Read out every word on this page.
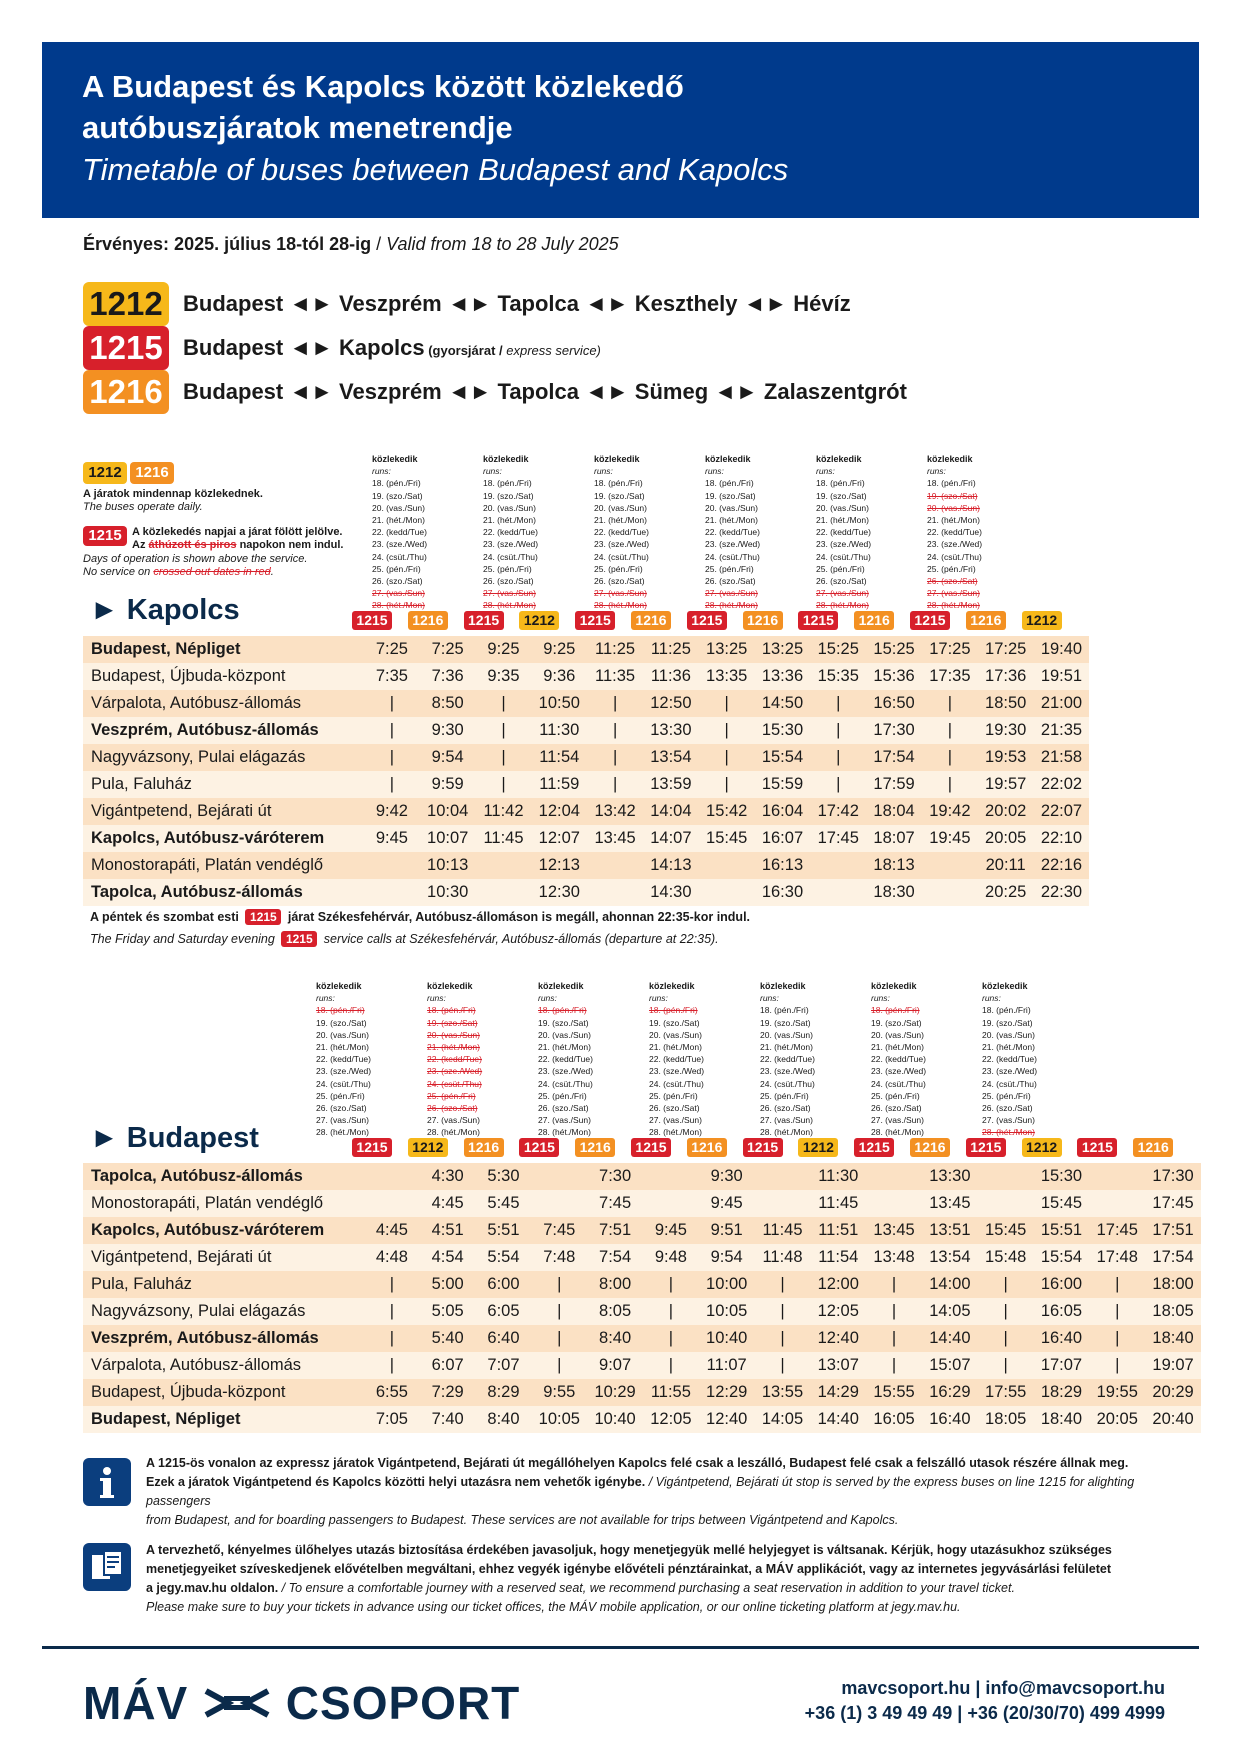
A Budapest és Kapolcs között közlekedő
autóbuszjáratok menetrendje
Timetable of buses between Budapest and Kapolcs
Érvényes: 2025. július 18-tól 28-ig / Valid from 18 to 28 July 2025
1212 Budapest ◄► Veszprém ◄► Tapolca ◄► Keszthely ◄► Hévíz
1215 Budapest ◄► Kapolcs (gyorsjárat / express service)
1216 Budapest ◄► Veszprém ◄► Tapolca ◄► Sümeg ◄► Zalaszentgrót
1212 1216
A járatok mindennap közlekednek.
The buses operate daily.
1215 A közlekedés napjai a járat fölött jelölve.
Az áthúzott és piros napokon nem indul.
Days of operation is shown above the service.
No service on crossed out dates in red.
közlekedik
runs:
18. (pén./Fri)
19. (szo./Sat)
20. (vas./Sun)
21. (hét./Mon)
22. (kedd/Tue)
23. (sze./Wed)
24. (csüt./Thu)
25. (pén./Fri)
26. (szo./Sat)
27. (vas./Sun)
28. (hét./Mon)
közlekedik
runs:
18. (pén./Fri)
19. (szo./Sat)
20. (vas./Sun)
21. (hét./Mon)
22. (kedd/Tue)
23. (sze./Wed)
24. (csüt./Thu)
25. (pén./Fri)
26. (szo./Sat)
27. (vas./Sun)
28. (hét./Mon)
közlekedik
runs:
18. (pén./Fri)
19. (szo./Sat)
20. (vas./Sun)
21. (hét./Mon)
22. (kedd/Tue)
23. (sze./Wed)
24. (csüt./Thu)
25. (pén./Fri)
26. (szo./Sat)
27. (vas./Sun)
28. (hét./Mon)
közlekedik
runs:
18. (pén./Fri)
19. (szo./Sat)
20. (vas./Sun)
21. (hét./Mon)
22. (kedd/Tue)
23. (sze./Wed)
24. (csüt./Thu)
25. (pén./Fri)
26. (szo./Sat)
27. (vas./Sun)
28. (hét./Mon)
közlekedik
runs:
18. (pén./Fri)
19. (szo./Sat)
20. (vas./Sun)
21. (hét./Mon)
22. (kedd/Tue)
23. (sze./Wed)
24. (csüt./Thu)
25. (pén./Fri)
26. (szo./Sat)
27. (vas./Sun)
28. (hét./Mon)
közlekedik
runs:
18. (pén./Fri)
19. (szo./Sat)
20. (vas./Sun)
21. (hét./Mon)
22. (kedd/Tue)
23. (sze./Wed)
24. (csüt./Thu)
25. (pén./Fri)
26. (szo./Sat)
27. (vas./Sun)
28. (hét./Mon)
► Kapolcs	1215	1216	1215	1212	1215	1216	1215	1216	1215	1216	1215	1216	1212
Budapest, Népliget	7:25	7:25	9:25	9:25	11:25	11:25	13:25	13:25	15:25	15:25	17:25	17:25	19:40
Budapest, Újbuda-központ	7:35	7:36	9:35	9:36	11:35	11:36	13:35	13:36	15:35	15:36	17:35	17:36	19:51
Várpalota, Autóbusz-állomás	|	8:50	|	10:50	|	12:50	|	14:50	|	16:50	|	18:50	21:00
Veszprém, Autóbusz-állomás	|	9:30	|	11:30	|	13:30	|	15:30	|	17:30	|	19:30	21:35
Nagyvázsony, Pulai elágazás	|	9:54	|	11:54	|	13:54	|	15:54	|	17:54	|	19:53	21:58
Pula, Faluház	|	9:59	|	11:59	|	13:59	|	15:59	|	17:59	|	19:57	22:02
Vigántpetend, Bejárati út	9:42	10:04	11:42	12:04	13:42	14:04	15:42	16:04	17:42	18:04	19:42	20:02	22:07
Kapolcs, Autóbusz-váróterem	9:45	10:07	11:45	12:07	13:45	14:07	15:45	16:07	17:45	18:07	19:45	20:05	22:10
Monostorapáti, Platán vendéglő		10:13		12:13		14:13		16:13		18:13		20:11	22:16
Tapolca, Autóbusz-állomás		10:30		12:30		14:30		16:30		18:30		20:25	22:30
A péntek és szombat esti 1215 járat Székesfehérvár, Autóbusz-állomáson is megáll, ahonnan 22:35-kor indul.
The Friday and Saturday evening 1215 service calls at Székesfehérvár, Autóbusz-állomás (departure at 22:35).
közlekedik
runs:
18. (pén./Fri)
19. (szo./Sat)
20. (vas./Sun)
21. (hét./Mon)
22. (kedd/Tue)
23. (sze./Wed)
24. (csüt./Thu)
25. (pén./Fri)
26. (szo./Sat)
27. (vas./Sun)
28. (hét./Mon)
közlekedik
runs:
18. (pén./Fri)
19. (szo./Sat)
20. (vas./Sun)
21. (hét./Mon)
22. (kedd/Tue)
23. (sze./Wed)
24. (csüt./Thu)
25. (pén./Fri)
26. (szo./Sat)
27. (vas./Sun)
28. (hét./Mon)
közlekedik
runs:
18. (pén./Fri)
19. (szo./Sat)
20. (vas./Sun)
21. (hét./Mon)
22. (kedd/Tue)
23. (sze./Wed)
24. (csüt./Thu)
25. (pén./Fri)
26. (szo./Sat)
27. (vas./Sun)
28. (hét./Mon)
közlekedik
runs:
18. (pén./Fri)
19. (szo./Sat)
20. (vas./Sun)
21. (hét./Mon)
22. (kedd/Tue)
23. (sze./Wed)
24. (csüt./Thu)
25. (pén./Fri)
26. (szo./Sat)
27. (vas./Sun)
28. (hét./Mon)
közlekedik
runs:
18. (pén./Fri)
19. (szo./Sat)
20. (vas./Sun)
21. (hét./Mon)
22. (kedd/Tue)
23. (sze./Wed)
24. (csüt./Thu)
25. (pén./Fri)
26. (szo./Sat)
27. (vas./Sun)
28. (hét./Mon)
közlekedik
runs:
18. (pén./Fri)
19. (szo./Sat)
20. (vas./Sun)
21. (hét./Mon)
22. (kedd/Tue)
23. (sze./Wed)
24. (csüt./Thu)
25. (pén./Fri)
26. (szo./Sat)
27. (vas./Sun)
28. (hét./Mon)
közlekedik
runs:
18. (pén./Fri)
19. (szo./Sat)
20. (vas./Sun)
21. (hét./Mon)
22. (kedd/Tue)
23. (sze./Wed)
24. (csüt./Thu)
25. (pén./Fri)
26. (szo./Sat)
27. (vas./Sun)
28. (hét./Mon)
► Budapest	1215	1212	1216	1215	1216	1215	1216	1215	1212	1215	1216	1215	1212	1215	1216
Tapolca, Autóbusz-állomás		4:30	5:30		7:30		9:30		11:30		13:30		15:30		17:30
Monostorapáti, Platán vendéglő		4:45	5:45		7:45		9:45		11:45		13:45		15:45		17:45
Kapolcs, Autóbusz-váróterem	4:45	4:51	5:51	7:45	7:51	9:45	9:51	11:45	11:51	13:45	13:51	15:45	15:51	17:45	17:51
Vigántpetend, Bejárati út	4:48	4:54	5:54	7:48	7:54	9:48	9:54	11:48	11:54	13:48	13:54	15:48	15:54	17:48	17:54
Pula, Faluház	|	5:00	6:00	|	8:00	|	10:00	|	12:00	|	14:00	|	16:00	|	18:00
Nagyvázsony, Pulai elágazás	|	5:05	6:05	|	8:05	|	10:05	|	12:05	|	14:05	|	16:05	|	18:05
Veszprém, Autóbusz-állomás	|	5:40	6:40	|	8:40	|	10:40	|	12:40	|	14:40	|	16:40	|	18:40
Várpalota, Autóbusz-állomás	|	6:07	7:07	|	9:07	|	11:07	|	13:07	|	15:07	|	17:07	|	19:07
Budapest, Újbuda-központ	6:55	7:29	8:29	9:55	10:29	11:55	12:29	13:55	14:29	15:55	16:29	17:55	18:29	19:55	20:29
Budapest, Népliget	7:05	7:40	8:40	10:05	10:40	12:05	12:40	14:05	14:40	16:05	16:40	18:05	18:40	20:05	20:40

A 1215-ös vonalon az expressz járatok Vigántpetend, Bejárati út megállóhelyen Kapolcs felé csak a leszálló, Budapest felé csak a felszálló utasok részére állnak meg.

Ezek a járatok Vigántpetend és Kapolcs közötti helyi utazásra nem vehetők igénybe. / Vigántpetend, Bejárati út stop is served by the express buses on line 1215 for alighting passengers

from Budapest, and for boarding passengers to Budapest. These services are not available for trips between Vigántpetend and Kapolcs.

A tervezhető, kényelmes ülőhelyes utazás biztosítása érdekében javasoljuk, hogy menetjegyük mellé helyjegyet is váltsanak. Kérjük, hogy utazásukhoz szükséges

menetjegyeiket szíveskedjenek elővételben megváltani, ehhez vegyék igénybe elővételi pénztárainkat, a MÁV applikációt, vagy az internetes jegyvásárlási felületet

a jegy.mav.hu oldalon. / To ensure a comfortable journey with a reserved seat, we recommend purchasing a seat reservation in addition to your travel ticket.

Please make sure to buy your tickets in advance using our ticket offices, the MÁV mobile application, or our online ticketing platform at jegy.mav.hu.

MÁV CSOPORT	mavcsoport.hu | info@mavcsoport.hu
+36 (1) 3 49 49 49 | +36 (20/30/70) 499 4999
